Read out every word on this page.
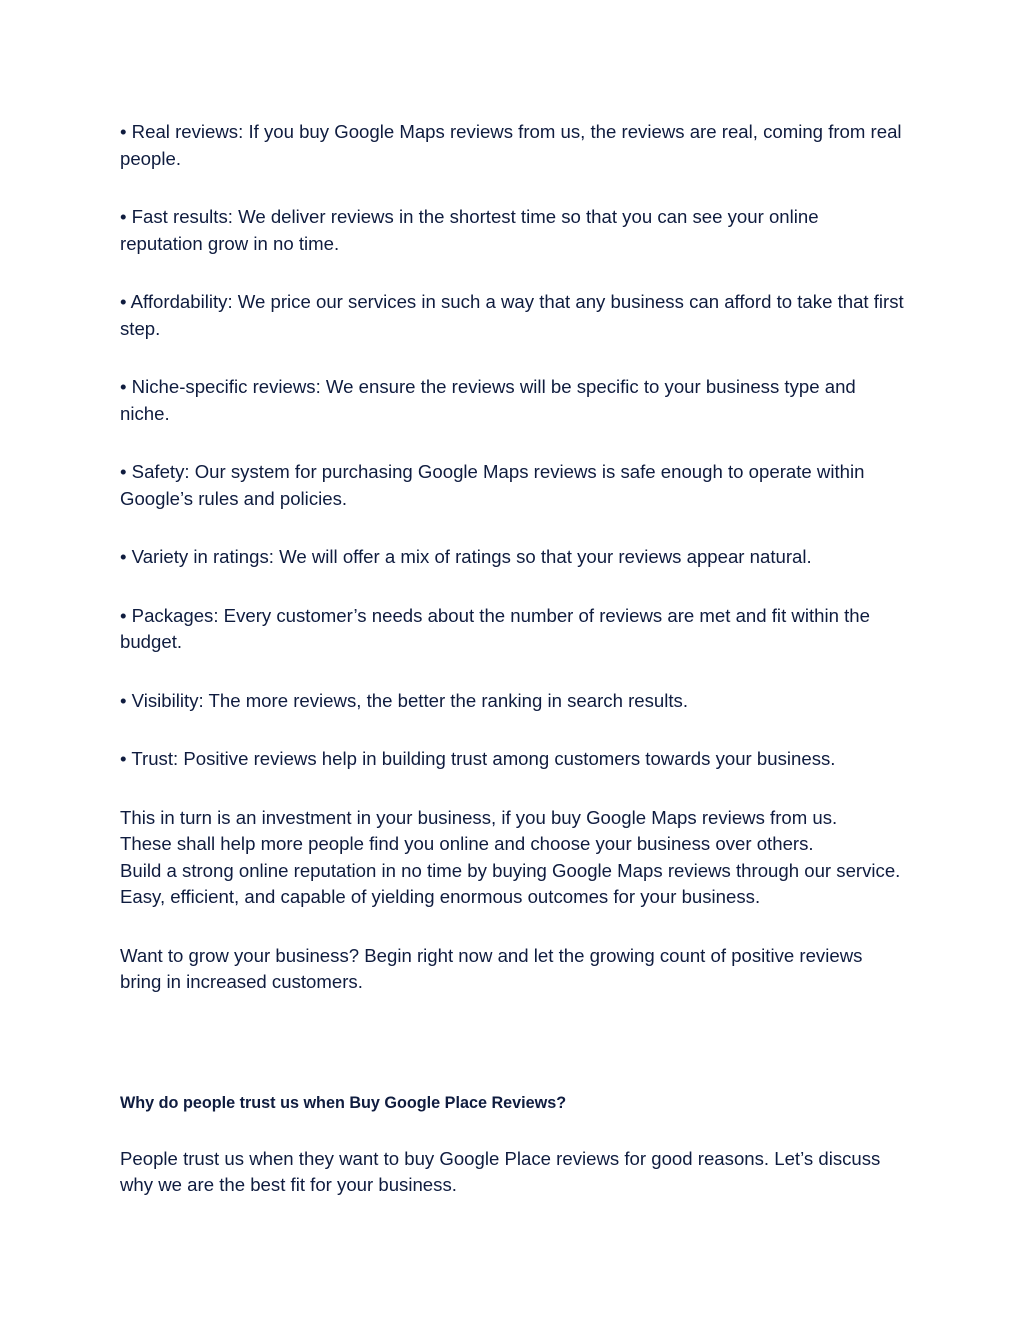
• Real reviews: If you buy Google Maps reviews from us, the reviews are real, coming from real people.

• Fast results: We deliver reviews in the shortest time so that you can see your online reputation grow in no time.

• Affordability: We price our services in such a way that any business can afford to take that first step.

• Niche-specific reviews: We ensure the reviews will be specific to your business type and niche.

• Safety: Our system for purchasing Google Maps reviews is safe enough to operate within Google’s rules and policies.

• Variety in ratings: We will offer a mix of ratings so that your reviews appear natural.

• Packages: Every customer’s needs about the number of reviews are met and fit within the budget.

• Visibility: The more reviews, the better the ranking in search results.

• Trust: Positive reviews help in building trust among customers towards your business.

This in turn is an investment in your business, if you buy Google Maps reviews from us.
These shall help more people find you online and choose your business over others.
Build a strong online reputation in no time by buying Google Maps reviews through our service. Easy, efficient, and capable of yielding enormous outcomes for your business.

Want to grow your business? Begin right now and let the growing count of positive reviews bring in increased customers.

Why do people trust us when Buy Google Place Reviews?

People trust us when they want to buy Google Place reviews for good reasons. Let’s discuss why we are the best fit for your business.
